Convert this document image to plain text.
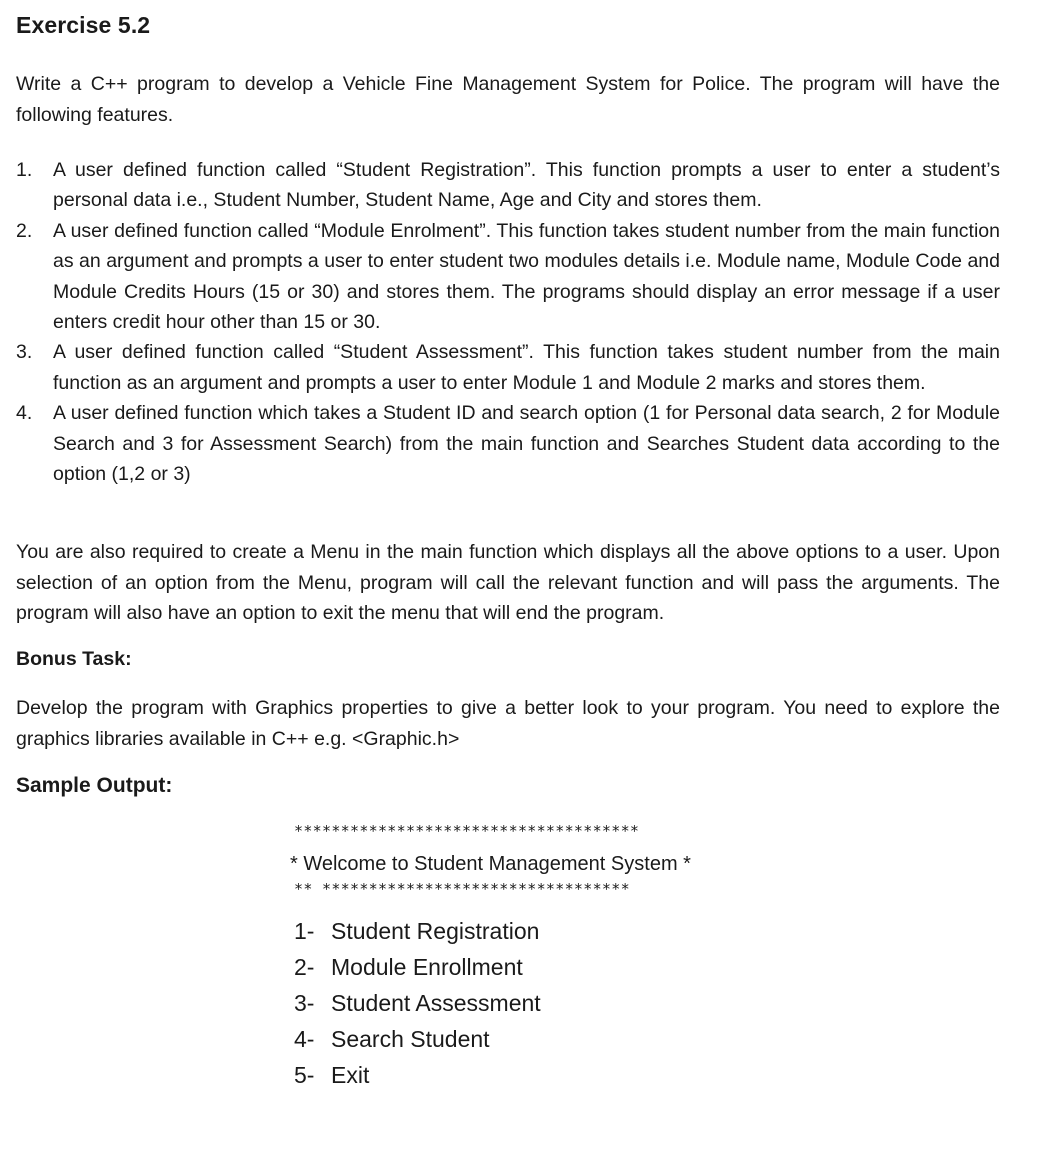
Exercise 5.2
Write a C++ program to develop a Vehicle Fine Management System for Police. The program will have the following features.
1. A user defined function called “Student Registration”. This function prompts a user to enter a student’s personal data i.e., Student Number, Student Name, Age and City and stores them.
2. A user defined function called “Module Enrolment”. This function takes student number from the main function as an argument and prompts a user to enter student two modules details i.e. Module name, Module Code and Module Credits Hours (15 or 30) and stores them. The programs should display an error message if a user enters credit hour other than 15 or 30.
3. A user defined function called “Student Assessment”. This function takes student number from the main function as an argument and prompts a user to enter Module 1 and Module 2 marks and stores them.
4. A user defined function which takes a Student ID and search option (1 for Personal data search, 2 for Module Search and 3 for Assessment Search) from the main function and Searches Student data according to the option (1,2 or 3)
You are also required to create a Menu in the main function which displays all the above options to a user. Upon selection of an option from the Menu, program will call the relevant function and will pass the arguments. The program will also have an option to exit the menu that will end the program.
Bonus Task:
Develop the program with Graphics properties to give a better look to your program. You need to explore the graphics libraries available in C++ e.g. <Graphic.h>
Sample Output:
*************************************
* Welcome to Student Management System *
** *********************************
1- Student Registration
2- Module Enrollment
3- Student Assessment
4- Search Student
5- Exit
